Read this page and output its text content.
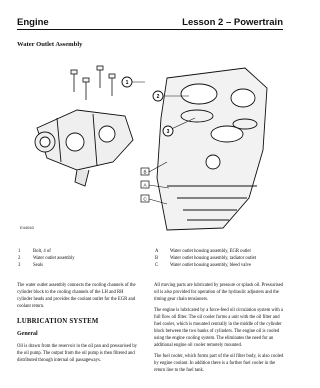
Engine	Lesson 2 – Powertrain
Water Outlet Assembly
1
2
3
B
A
C
E44040
1	Bolt, 4 of
2	Water outlet assembly
3	Seals
A	Water outlet housing assembly, EGR outlet
B	Water outlet housing assembly, radiator outlet
C	Water outlet housing assembly, bleed valve

The water outlet assembly connects the cooling channels of the cylinder block to the cooling channels of the LH and RH cylinder heads and provides the coolant outlet for the EGR and coolant return.

LUBRICATION SYSTEM
General

Oil is drawn from the reservoir in the oil pan and pressurised by the oil pump. The output from the oil pump is then filtered and distributed through internal oil passageways.

All moving parts are lubricated by pressure or splash oil. Pressurised oil is also provided for operation of the hydraulic adjusters and the timing gear chain tensioners.

The engine is lubricated by a force-feed oil circulation system with a full flow oil filter. The oil cooler forms a unit with the oil filter and fuel cooler, which is mounted centrally in the middle of the cylinder block between the two banks of cylinders. The engine oil is cooled using the engine cooling system. The eliminates the need for an additional engine oil cooler remotely mounted.

The fuel cooler, which forms part of the oil filter body, is also cooled by engine coolant. In addition there is a further fuel cooler in the return line to the fuel tank.
